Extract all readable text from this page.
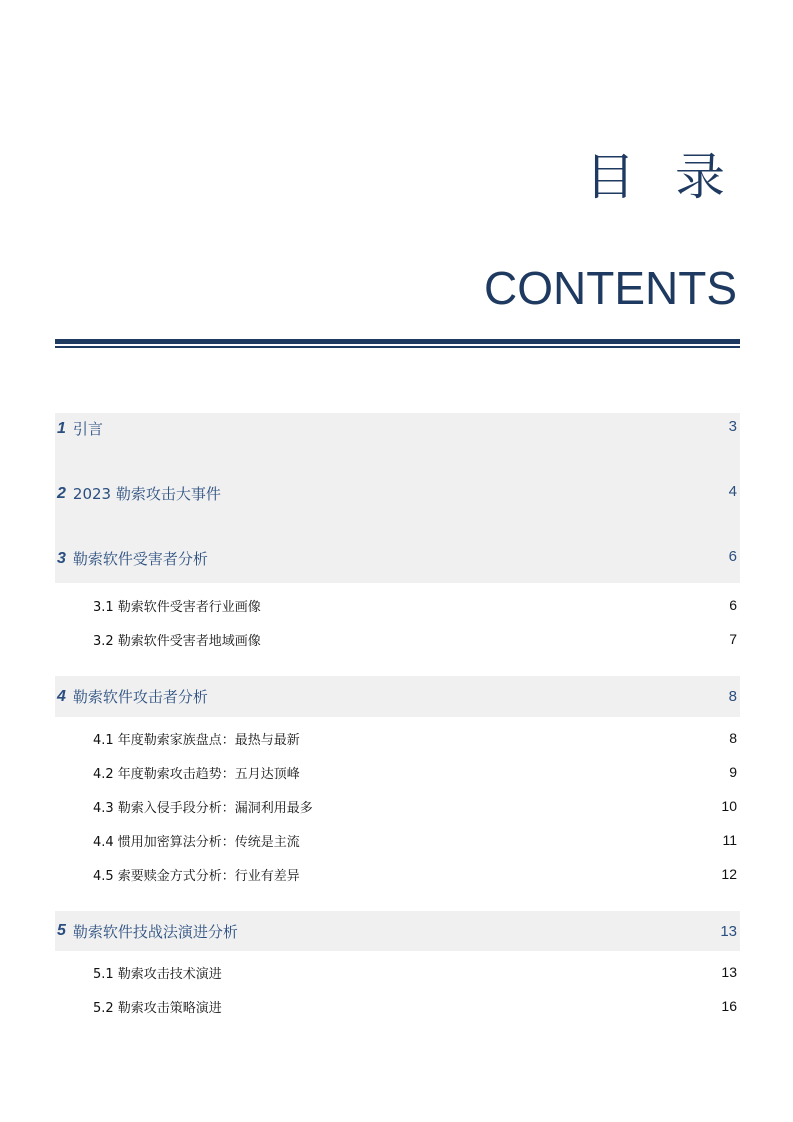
目 录
CONTENTS
1 引言	3
2 2023 勒索攻击大事件	4
3 勒索软件受害者分析	6
3.1 勒索软件受害者行业画像	6
3.2 勒索软件受害者地域画像	7
4 勒索软件攻击者分析	8
4.1 年度勒索家族盘点：最热与最新	8
4.2 年度勒索攻击趋势：五月达顶峰	9
4.3 勒索入侵手段分析：漏洞利用最多	10
4.4 惯用加密算法分析：传统是主流	11
4.5 索要赎金方式分析：行业有差异	12
5 勒索软件技战法演进分析	13
5.1 勒索攻击技术演进	13
5.2 勒索攻击策略演进	16
